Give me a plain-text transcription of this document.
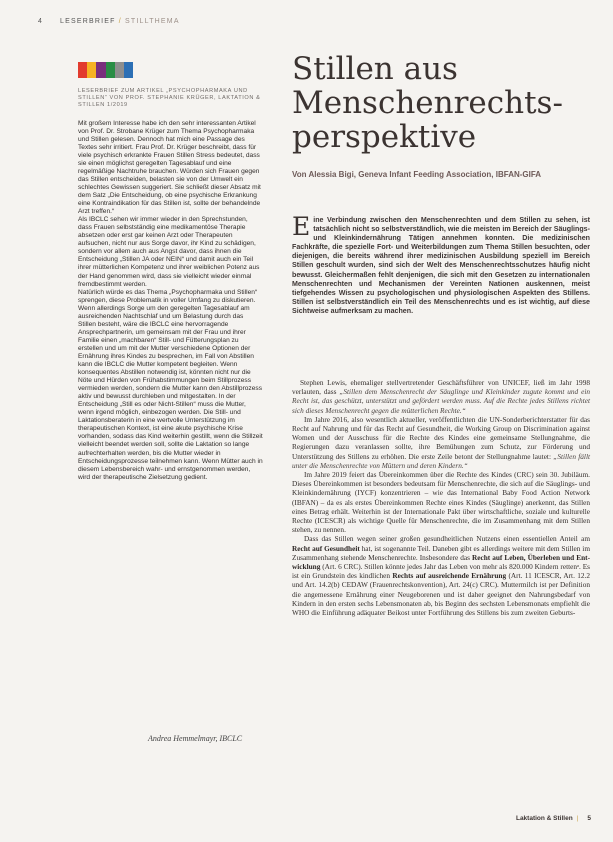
4	LESERBRIEF / STILLTHEMA
LESERBRIEF ZUM ARTIKEL „PSYCHOPHARMAKA UND STILLEN“ VON PROF. STEPHANIE KRÜGER, LAKTATION & STILLEN 1/2019
Mit großem Interesse habe ich den sehr interessanten Artikel von Prof. Dr. Strobane Krüger zum Thema Psychopharmaka und Stillen gelesen. Dennoch hat mich eine Passage des Textes sehr irritiert. Frau Prof. Dr. Krüger beschreibt, dass für viele psychisch erkrankte Frauen Stillen Stress bedeutet, dass sie einen möglichst geregelten Tagesablauf und eine regelmäßige Nachtruhe brauchen. Würden sich Frauen gegen das Stillen entscheiden, belasten sie von der Umwelt ein schlechtes Gewissen suggeriert. Sie schließt dieser Absatz mit dem Satz „Die Entscheidung, ob eine psychische Erkrankung eine Kontraindikation für das Stillen ist, sollte der behandelnde Arzt treffen.“
Als IBCLC sehen wir immer wieder in den Sprechstunden, dass Frauen selbstständig eine medikamentöse Therapie absetzen oder erst gar keinen Arzt oder Therapeuten aufsuchen, nicht nur aus Sorge davor, ihr Kind zu schädigen, sondern vor allem auch aus Angst davor, dass ihnen die Entscheidung „Stillen JA oder NEIN“ und damit auch ein Teil ihrer mütterlichen Kompetenz und ihrer weiblichen Potenz aus der Hand genommen wird, dass sie vielleicht wieder einmal fremdbestimmt werden.
Natürlich würde es das Thema „Psychopharmaka und Stillen“ sprengen, diese Problematik in voller Umfang zu diskutieren. Wenn allerdings Sorge um den geregelten Tagesablauf am ausreichenden Nachtschlaf und um Belastung durch das Stillen besteht, wäre die IBCLC eine hervorragende Ansprechpartnerin, um gemeinsam mit der Frau und ihrer Familie einen „machbaren“ Still- und Fütterungsplan zu erstellen und um mit der Mutter verschiedene Optionen der Ernährung ihres Kindes zu besprechen, im Fall von Abstillen kann die IBCLC die Mutter kompetent begleiten. Wenn konsequentes Abstillen notwendig ist, könnten nicht nur die Nöte und Hürden von Frühabstimmungen beim Stillprozess vermieden werden, sondern die Mutter kann den Abstillprozess aktiv und bewusst durchleben und mitgestalten. In der Entscheidung „Still es oder Nicht-Stillen“ muss die Mutter, wenn irgend möglich, einbezogen werden. Die Still- und Laktationsberaterin in eine wertvolle Unterstützung im therapeutischen Kontext, ist eine akute psychische Krise vorhanden, sodass das Kind weiterhin gestillt, wenn die Stillzeit vielleicht beendet werden soll, sollte die Laktation so lange aufrechterhalten werden, bis die Mutter wieder in Entscheidungsprozesse teilnehmen kann. Wenn Mütter auch in diesem Lebensbereich wahr- und ernstgenommen werden, wird der therapeutische Zielsetzung gedient.
Andrea Hemmelmayr, IBCLC
Stillen aus Menschenrechts-perspektive
Von Alessia Bigi, Geneva Infant Feeding Association, IBFAN-GIFA
Eine Verbindung zwischen den Menschenrechten und dem Stillen zu sehen, ist tatsächlich nicht so selbstverständlich, wie die meisten im Bereich der Säuglings- und Kleinkindernährung Tätigen annehmen konnten. Die medizinischen Fachkräfte, die spezielle Fort- und Weiterbildungen zum Thema Stillen besuchten, oder diejenigen, die bereits während ihrer medizinischen Ausbildung speziell im Bereich Stillen geschult wurden, sind sich der Welt des Menschenrechtsschutzes häufig nicht bewusst. Gleichermaßen fehlt denjenigen, die sich mit den Gesetzen zu internationalen Menschenrechten und Mechanismen der Vereinten Nationen auskennen, meist tiefgehendes Wissen zu psychologischen und physiologischen Aspekten des Stillens. Stillen ist selbstverständlich ein Teil des Menschenrechts und es ist wichtig, auf diese Sichtweise aufmerksam zu machen.

Stephen Lewis, ehemaliger stellvertretender Geschäftsführer von UNICEF, ließ im Jahr 1998 verlauten, dass „Stillen dem Menschenrecht der Säuglinge und Kleinkinder zugute kommt und ein Recht ist, das geschützt, unterstützt und gefördert werden muss. Auf die Rechte jedes Stillens richtet sich dieses Menschenrecht gegen die mütterlichen Rechte.“

Im Jahre 2016, also wesentlich aktueller, veröffentlichten die UN-Sonderberichterstatter für das Recht auf Nahrung und für das Recht auf Gesundheit, die Working Group on Discrimination against Women und der Ausschuss für die Rechte des Kindes eine gemeinsame Stellungnahme, die Regierungen dazu veranlassen sollte, ihre Bemühungen zum Schutz, zur Förderung und Unterstützung des Stillens zu erhöhen. Die erste Zeile betont der Stellungnahme lautet: „Stillen fällt unter die Menschenrechte von Müttern und deren Kindern.“

Im Jahre 2019 feiert das Übereinkommen über die Rechte des Kindes (CRC) sein 30. Jubiläum. Dieses Übereinkommen ist besonders bedeutsam für Menschenrechte, die sich auf die Säuglings- und Kleinkindernährung (IYCF) konzentrieren – wie das International Baby Food Action Network (IBFAN) – da es als erstes Übereinkommen Rechte eines Kindes (Säuglinge) anerkennt, das Stillen eines Betrag erhält. Weiterhin ist der Internationale Pakt über wirtschaftliche, soziale und kulturelle Rechte (ICESCR) als wichtige Quelle für Menschenrechte, die im Zusammenhang mit dem Stillen stehen, zu nennen.

Dass das Stillen wegen seiner großen gesundheitlichen Nutzens einen essentiellen Anteil am Recht auf Gesundheit hat, ist sogenannte Teil. Daneben gibt es allerdings weitere mit dem Stillen im Zusammenhang stehende Menschenrechte. Insbesondere das Recht auf Leben, Überleben und Entwicklung (Art. 6 CRC). Stillen könnte jedes Jahr das Leben von mehr als 820.000 Kindern rettenᵃ. Es ist ein Grundstein des kindlichen Rechts auf ausreichende Ernährung (Art. 11 ICESCR, Art. 12.2 und Art. 14.2(b) CEDAW (Frauenrechtskonvention), Art. 24(c) CRC). Muttermilch ist per Definition die angemessene Ernährung einer Neugeborenen und ist daher geeignet den Nahrungsbedarf von Kindern in den ersten sechs Lebensmonaten ab, bis Beginn des sechsten Lebensmonats empfiehlt die WHO die Einführung adäquater Beikost unter Fortführung des Stillens bis zum zweiten Geburts-

Laktation & Stillen | 5
